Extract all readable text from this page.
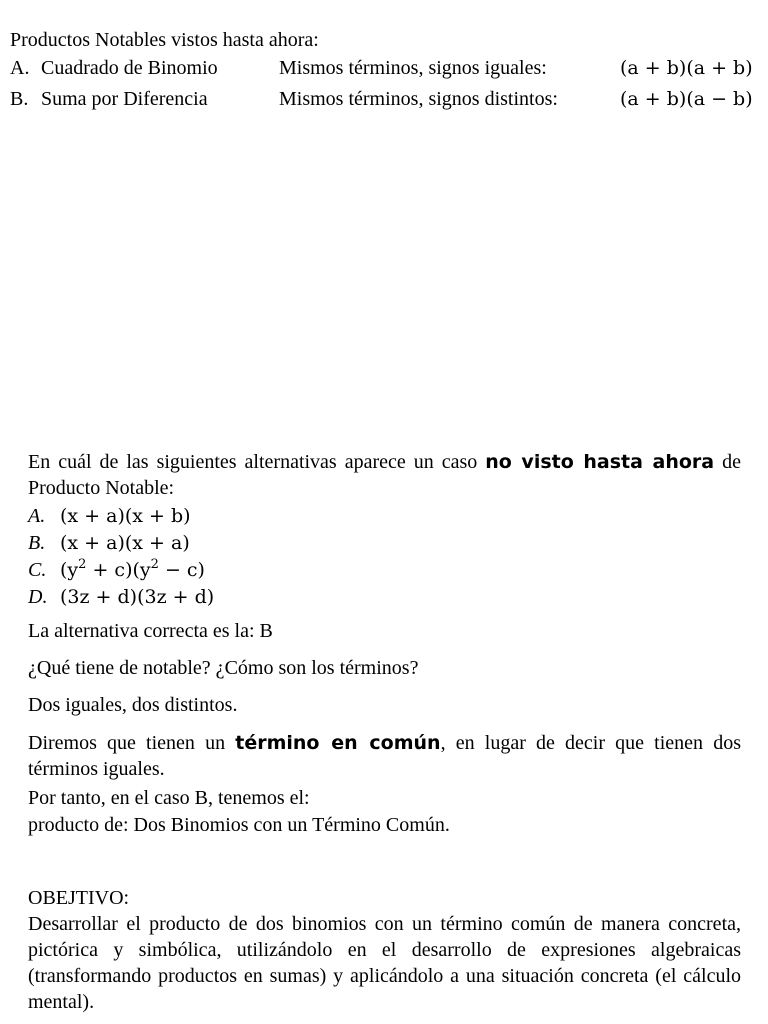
Productos Notables vistos hasta ahora:
A. Cuadrado de Binomio	Mismos términos, signos iguales:	(a + b)(a + b)
B. Suma por Diferencia	Mismos términos, signos distintos:	(a + b)(a − b)
En cuál de las siguientes alternativas aparece un caso no visto hasta ahora de Producto Notable:
A. (x + a)(x + b)
B. (x + a)(x + a)
C. $(y^2 + c)(y^2 - c)$
D. (3z + d)(3z + d)
La alternativa correcta es la: B
¿Qué tiene de notable? ¿Cómo son los términos?
Dos iguales, dos distintos.
Diremos que tienen un término en común, en lugar de decir que tienen dos términos iguales.
Por tanto, en el caso B, tenemos el:
producto de: Dos Binomios con un Término Común.
OBEJTIVO:
Desarrollar el producto de dos binomios con un término común de manera concreta, pictórica y simbólica, utilizándolo en el desarrollo de expresiones algebraicas (transformando productos en sumas) y aplicándolo a una situación concreta (el cálculo mental).
